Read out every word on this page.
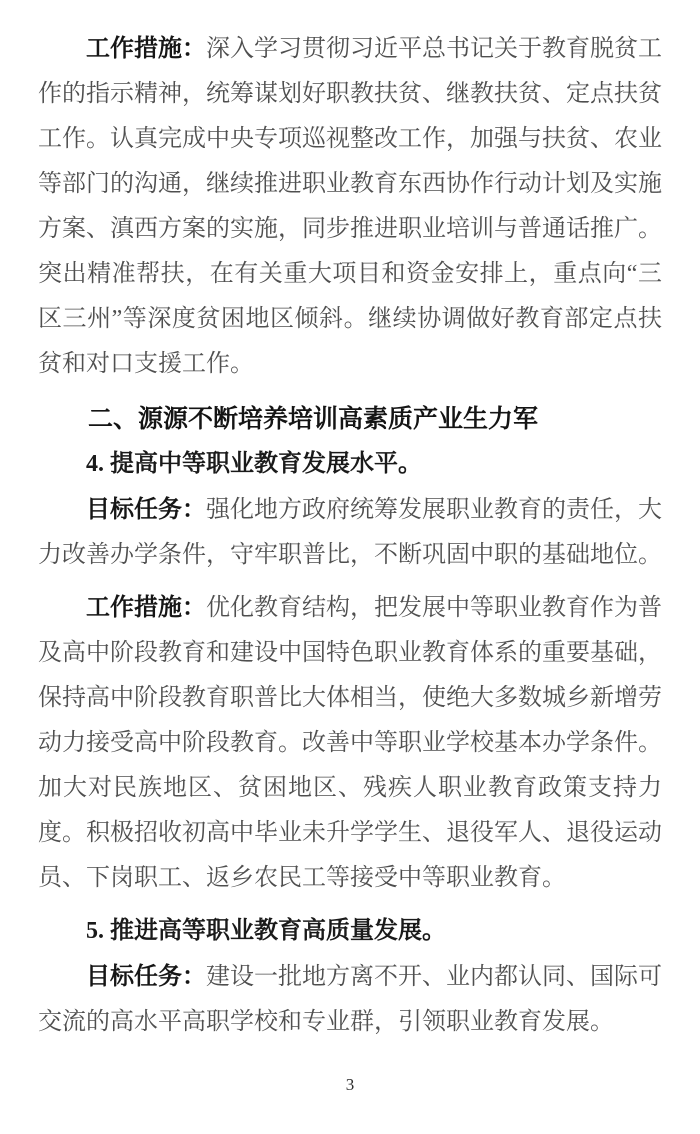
工作措施：深入学习贯彻习近平总书记关于教育脱贫工作的指示精神，统筹谋划好职教扶贫、继教扶贫、定点扶贫工作。认真完成中央专项巡视整改工作，加强与扶贫、农业等部门的沟通，继续推进职业教育东西协作行动计划及实施方案、滇西方案的实施，同步推进职业培训与普通话推广。突出精准帮扶，在有关重大项目和资金安排上，重点向“三区三州”等深度贫困地区倾斜。继续协调做好教育部定点扶贫和对口支援工作。

二、源源不断培养培训高素质产业生力军
4. 提高中等职业教育发展水平。

目标任务：强化地方政府统筹发展职业教育的责任，大力改善办学条件，守牢职普比，不断巩固中职的基础地位。

工作措施：优化教育结构，把发展中等职业教育作为普及高中阶段教育和建设中国特色职业教育体系的重要基础，保持高中阶段教育职普比大体相当，使绝大多数城乡新增劳动力接受高中阶段教育。改善中等职业学校基本办学条件。加大对民族地区、贫困地区、残疾人职业教育政策支持力度。积极招收初高中毕业未升学学生、退役军人、退役运动员、下岗职工、返乡农民工等接受中等职业教育。

5. 推进高等职业教育高质量发展。

目标任务：建设一批地方离不开、业内都认同、国际可交流的高水平高职学校和专业群，引领职业教育发展。

3
